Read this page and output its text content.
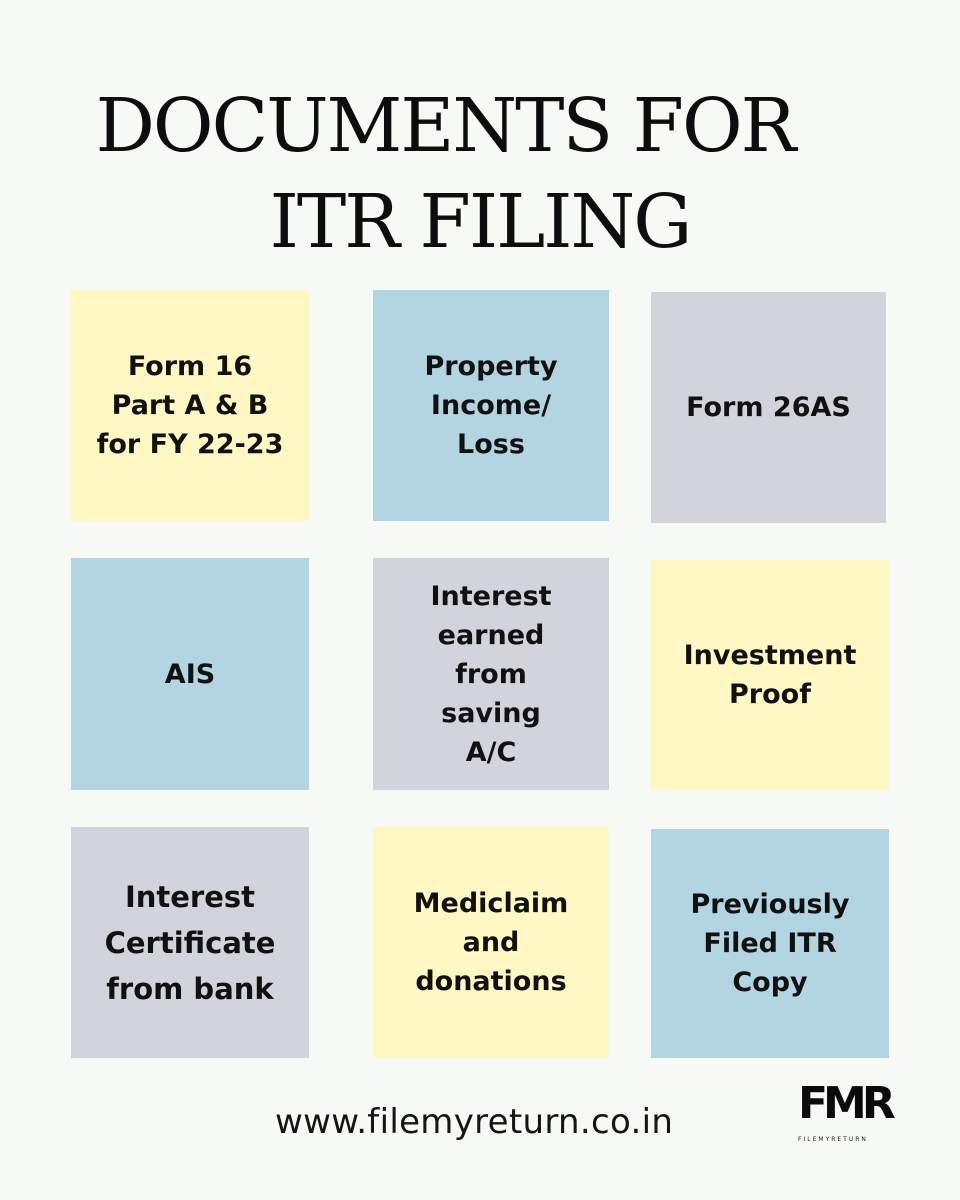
DOCUMENTS FOR
ITR FILING
Form 16
Part A & B
for FY 22-23
Property
Income/
Loss
Form 26AS
AIS
Interest
earned
from
saving
A/C
Investment
Proof
Interest
Certificate
from bank
Mediclaim
and
donations
Previously
Filed ITR
Copy
www.filemyreturn.co.in	FMR
FILEMYRETURN
